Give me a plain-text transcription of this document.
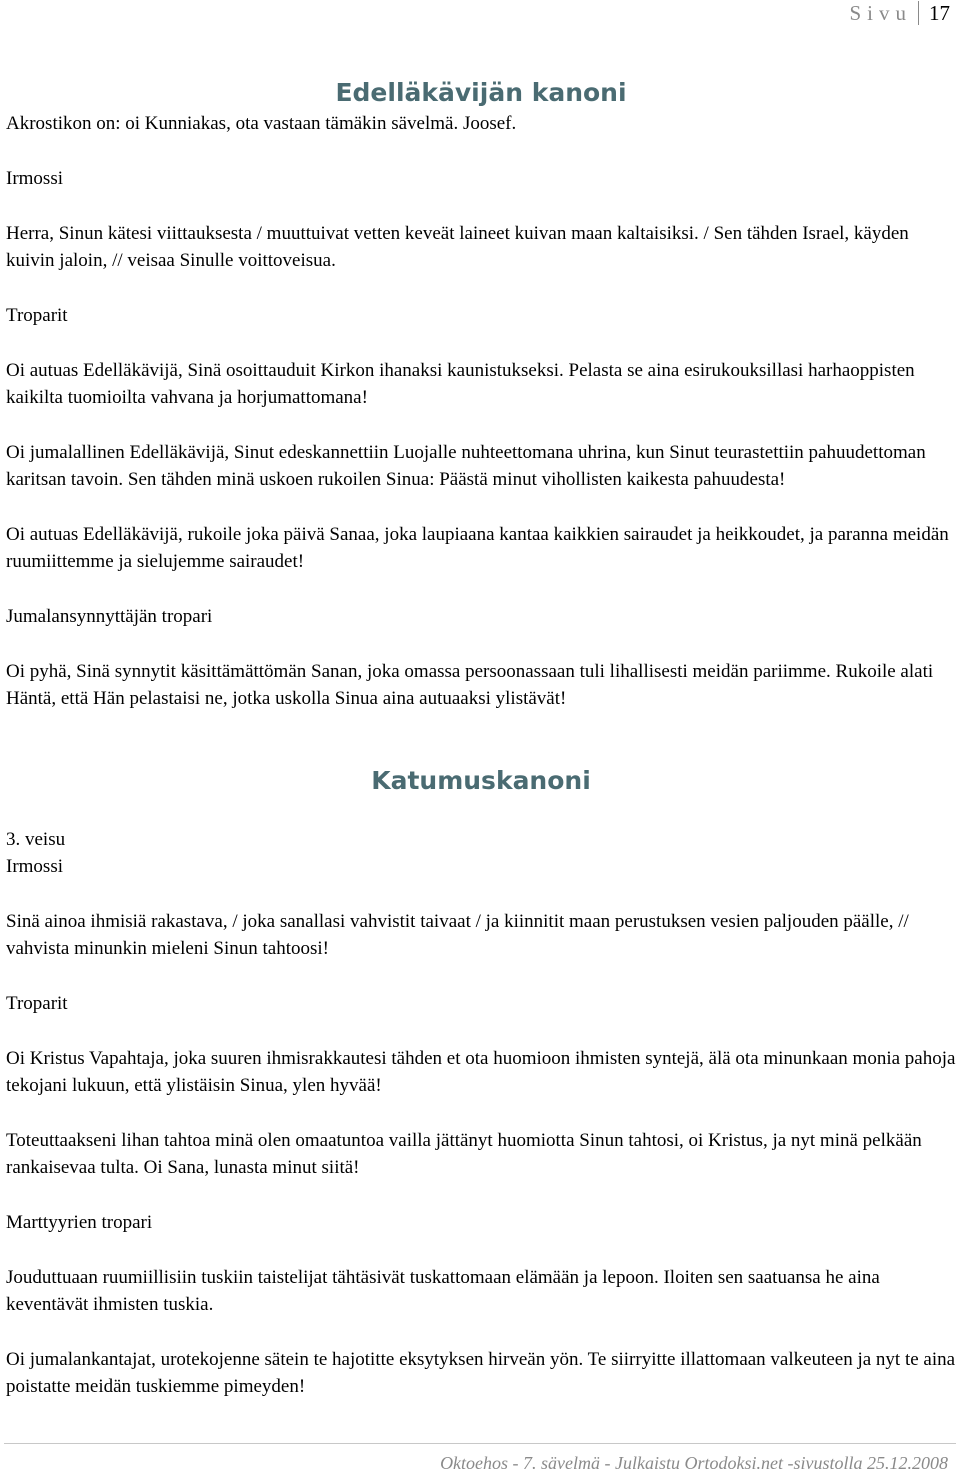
Sivu 17
Edelläkävijän kanoni

Akrostikon on: oi Kunniakas, ota vastaan tämäkin sävelmä. Joosef.

Irmossi

Herra, Sinun kätesi viittauksesta / muuttuivat vetten keveät laineet kuivan maan kaltaisiksi. / Sen tähden Israel, käyden kuivin jaloin, // veisaa Sinulle voittoveisua.

Troparit

Oi autuas Edelläkävijä, Sinä osoittauduit Kirkon ihanaksi kaunistukseksi. Pelasta se aina esirukouksillasi harhaoppisten kaikilta tuomioilta vahvana ja horjumattomana!

Oi jumalallinen Edelläkävijä, Sinut edeskannettiin Luojalle nuhteettomana uhrina, kun Sinut teurastettiin pahuudettoman karitsan tavoin. Sen tähden minä uskoen rukoilen Sinua: Päästä minut vihollisten kaikesta pahuudesta!

Oi autuas Edelläkävijä, rukoile joka päivä Sanaa, joka laupiaana kantaa kaikkien sairaudet ja heikkoudet, ja paranna meidän ruumiittemme ja sielujemme sairaudet!

Jumalansynnyttäjän tropari

Oi pyhä, Sinä synnytit käsittämättömän Sanan, joka omassa persoonassaan tuli lihallisesti meidän pariimme. Rukoile alati Häntä, että Hän pelastaisi ne, jotka uskolla Sinua aina autuaaksi ylistävät!

Katumuskanoni
3. veisu
Irmossi

Sinä ainoa ihmisiä rakastava, / joka sanallasi vahvistit taivaat / ja kiinnitit maan perustuksen vesien paljouden päälle, // vahvista minunkin mieleni Sinun tahtoosi!

Troparit

Oi Kristus Vapahtaja, joka suuren ihmisrakkautesi tähden et ota huomioon ihmisten syntejä, älä ota minunkaan monia pahoja tekojani lukuun, että ylistäisin Sinua, ylen hyvää!

Toteuttaakseni lihan tahtoa minä olen omaatuntoa vailla jättänyt huomiotta Sinun tahtosi, oi Kristus, ja nyt minä pelkään rankaisevaa tulta. Oi Sana, lunasta minut siitä!

Marttyyrien tropari

Jouduttuaan ruumiillisiin tuskiin taistelijat tähtäsivät tuskattomaan elämään ja lepoon. Iloiten sen saatuansa he aina keventävät ihmisten tuskia.

Oi jumalankantajat, urotekojenne sätein te hajotitte eksytyksen hirveän yön. Te siirryitte illattomaan valkeuteen ja nyt te aina poistatte meidän tuskiemme pimeyden!

Oktoehos - 7. sävelmä - Julkaistu Ortodoksi.net -sivustolla 25.12.2008
